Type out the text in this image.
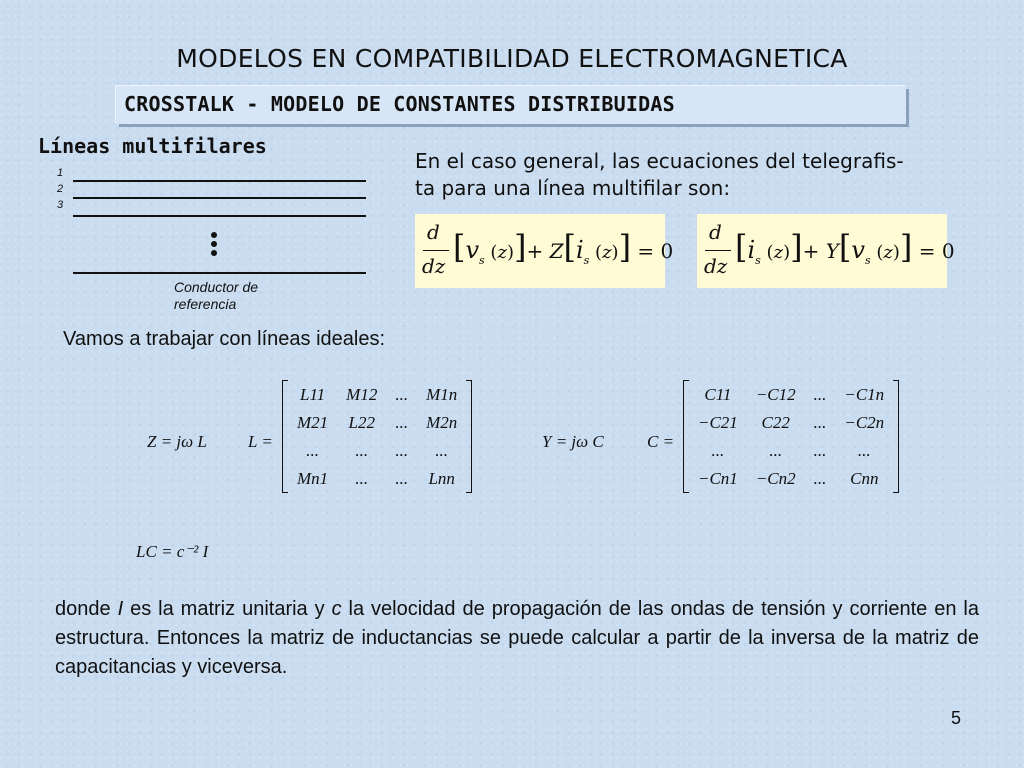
MODELOS EN COMPATIBILIDAD ELECTROMAGNETICA
CROSSTALK - MODELO DE CONSTANTES DISTRIBUIDAS
Líneas multifilares
1
2
3
Conductor de
referencia
En el caso general, las ecuaciones del telegrafis-
ta para una línea multifilar son:
d
dz [$v_s$ $(z)]+ Z[i_s$ (z)] = 0
d
dz [$i_s$ $(z)]+ Y[v_s$ (z)] = 0
Vamos a trabajar con líneas ideales:
Z = jω L L =
	L11	M12	...	M1n	
	M21	L22	...	M2n	
	...	...	...	...	
	Mn1	...	...	Lnn	
Y = jω C	C =
	C11	−C12	...	−C1n	
	−C21	C22	...	−C2n	
	...	...	...	...	
	−Cn1	−Cn2	...	Cnn	
LC = c⁻² I
donde I es la matriz unitaria y c la velocidad de propagación de las ondas de tensión y corriente en la estructura. Entonces la matriz de inductancias se puede calcular a partir de la inversa de la matriz de capacitancias y viceversa.
5
